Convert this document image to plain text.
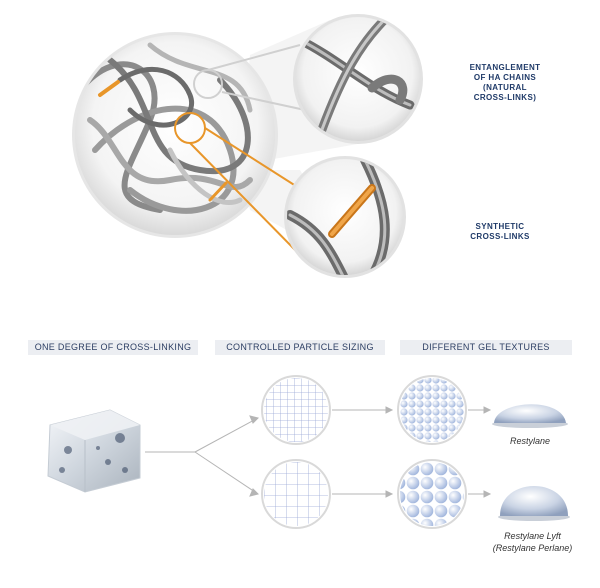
ENTANGLEMENT
OF HA CHAINS
(NATURAL
CROSS-LINKS)
SYNTHETIC
CROSS-LINKS
ONE DEGREE OF CROSS-LINKING	CONTROLLED PARTICLE SIZING	DIFFERENT GEL TEXTURES
Restylane
Restylane Lyft
(Restylane Perlane)
